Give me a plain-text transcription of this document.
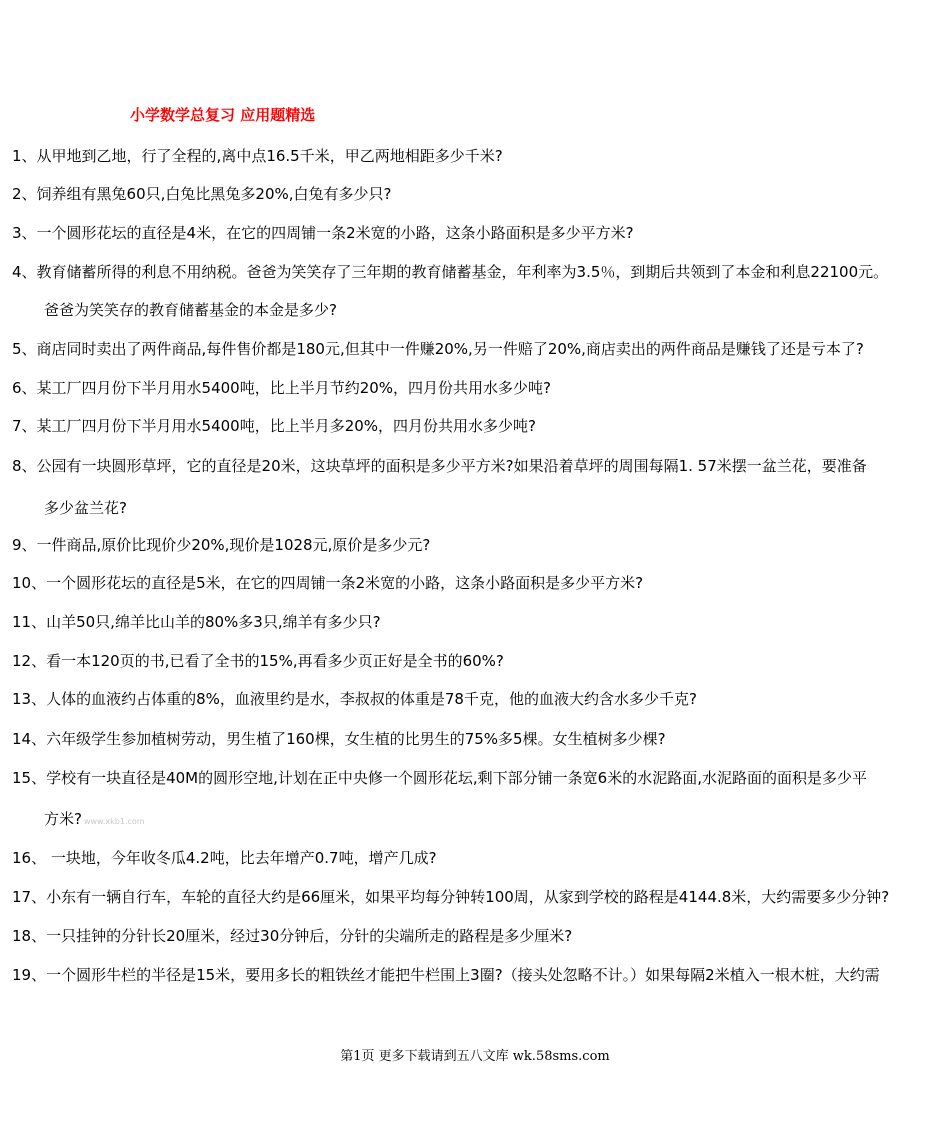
小学数学总复习 应用题精选
1、从甲地到乙地，行了全程的,离中点16.5千米，甲乙两地相距多少千米?
2、饲养组有黑兔60只,白兔比黑兔多20%,白兔有多少只?
3、一个圆形花坛的直径是4米，在它的四周铺一条2米宽的小路，这条小路面积是多少平方米?
4、教育储蓄所得的利息不用纳税。爸爸为笑笑存了三年期的教育储蓄基金，年利率为3.5％，到期后共领到了本金和利息22100元。
爸爸为笑笑存的教育储蓄基金的本金是多少?
5、商店同时卖出了两件商品,每件售价都是180元,但其中一件赚20%,另一件赔了20%,商店卖出的两件商品是赚钱了还是亏本了?
6、某工厂四月份下半月用水5400吨，比上半月节约20%，四月份共用水多少吨?
7、某工厂四月份下半月用水5400吨，比上半月多20%，四月份共用水多少吨?
8、公园有一块圆形草坪，它的直径是20米，这块草坪的面积是多少平方米?如果沿着草坪的周围每隔1. 57米摆一盆兰花，要准备
多少盆兰花?
9、一件商品,原价比现价少20%,现价是1028元,原价是多少元?
10、一个圆形花坛的直径是5米，在它的四周铺一条2米宽的小路，这条小路面积是多少平方米?
11、山羊50只,绵羊比山羊的80%多3只,绵羊有多少只?
12、看一本120页的书,已看了全书的15%,再看多少页正好是全书的60%?
13、人体的血液约占体重的8%，血液里约是水，李叔叔的体重是78千克，他的血液大约含水多少千克?
14、六年级学生参加植树劳动，男生植了160棵，女生植的比男生的75%多5棵。女生植树多少棵?
15、学校有一块直径是40M的圆形空地,计划在正中央修一个圆形花坛,剩下部分铺一条宽6米的水泥路面,水泥路面的面积是多少平
方米? www.xkb1.com
16、 一块地，今年收冬瓜4.2吨，比去年增产0.7吨，增产几成?
17、小东有一辆自行车，车轮的直径大约是66厘米，如果平均每分钟转100周，从家到学校的路程是4144.8米，大约需要多少分钟?
18、一只挂钟的分针长20厘米，经过30分钟后，分针的尖端所走的路程是多少厘米?
19、一个圆形牛栏的半径是15米，要用多长的粗铁丝才能把牛栏围上3圈?（接头处忽略不计。）如果每隔2米植入一根木桩，大约需
第1页 更多下载请到五八文库 wk.58sms.com
